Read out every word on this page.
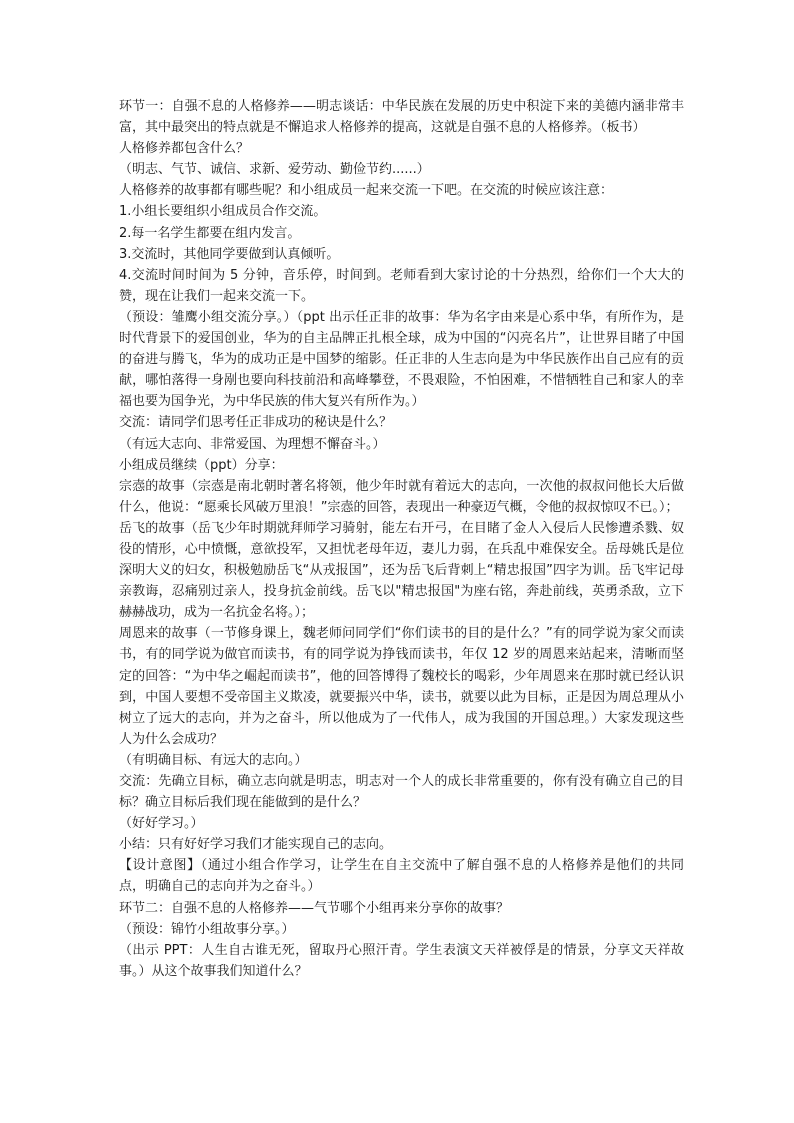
环节一：自强不息的人格修养——明志谈话：中华民族在发展的历史中积淀下来的美德内涵非常丰富，其中最突出的特点就是不懈追求人格修养的提高，这就是自强不息的人格修养。（板书）

人格修养都包含什么？

（明志、气节、诚信、求新、爱劳动、勤俭节约......）

人格修养的故事都有哪些呢？和小组成员一起来交流一下吧。在交流的时候应该注意：

1.小组长要组织小组成员合作交流。

2.每一名学生都要在组内发言。

3.交流时，其他同学要做到认真倾听。

4.交流时间时间为 5 分钟，音乐停，时间到。老师看到大家讨论的十分热烈，给你们一个大大的赞，现在让我们一起来交流一下。

（预设：雏鹰小组交流分享。）（ppt 出示任正非的故事：华为名字由来是心系中华，有所作为，是时代背景下的爱国创业，华为的自主品牌正扎根全球，成为中国的“闪亮名片”，让世界目睹了中国的奋进与腾飞，华为的成功正是中国梦的缩影。任正非的人生志向是为中华民族作出自己应有的贡献，哪怕落得一身剐也要向科技前沿和高峰攀登，不畏艰险，不怕困难，不惜牺牲自己和家人的幸福也要为国争光，为中华民族的伟大复兴有所作为。）

交流：请同学们思考任正非成功的秘诀是什么？

（有远大志向、非常爱国、为理想不懈奋斗。）

小组成员继续（ppt）分享：

宗悫的故事（宗悫是南北朝时著名将领，他少年时就有着远大的志向，一次他的叔叔问他长大后做什么，他说：“愿乘长风破万里浪！”宗悫的回答，表现出一种豪迈气概，令他的叔叔惊叹不已。）；

岳飞的故事（岳飞少年时期就拜师学习骑射，能左右开弓，在目睹了金人入侵后人民惨遭杀戮、奴役的情形，心中愤慨，意欲投军，又担忧老母年迈，妻儿力弱，在兵乱中难保安全。岳母姚氏是位深明大义的妇女，积极勉励岳飞“从戎报国”，还为岳飞后背刺上“精忠报国”四字为训。岳飞牢记母亲教诲，忍痛别过亲人，投身抗金前线。岳飞以"精忠报国"为座右铭，奔赴前线，英勇杀敌，立下赫赫战功，成为一名抗金名将。）；

周恩来的故事（一节修身课上，魏老师问同学们“你们读书的目的是什么？”有的同学说为家父而读书，有的同学说为做官而读书，有的同学说为挣钱而读书，年仅 12 岁的周恩来站起来，清晰而坚定的回答：“为中华之崛起而读书”，他的回答博得了魏校长的喝彩，少年周恩来在那时就已经认识到，中国人要想不受帝国主义欺凌，就要振兴中华，读书，就要以此为目标，正是因为周总理从小树立了远大的志向，并为之奋斗，所以他成为了一代伟人，成为我国的开国总理。）大家发现这些人为什么会成功？

（有明确目标、有远大的志向。）

交流：先确立目标，确立志向就是明志，明志对一个人的成长非常重要的，你有没有确立自己的目标？确立目标后我们现在能做到的是什么？

（好好学习。）

小结：只有好好学习我们才能实现自己的志向。

【设计意图】（通过小组合作学习，让学生在自主交流中了解自强不息的人格修养是他们的共同点，明确自己的志向并为之奋斗。）

环节二：自强不息的人格修养——气节哪个小组再来分享你的故事？

（预设：锦竹小组故事分享。）

（出示 PPT：人生自古谁无死，留取丹心照汗青。学生表演文天祥被俘是的情景，分享文天祥故事。）从这个故事我们知道什么？
